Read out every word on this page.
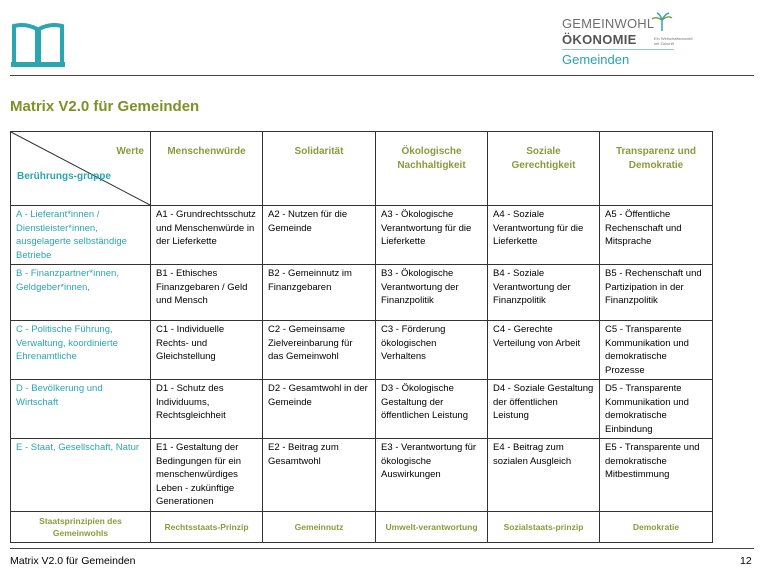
GEMEINWOHL
ÖKONOMIE	Ein Wirtschaftsmodell mit Zukunft
Gemeinden
Matrix V2.0 für Gemeinden
Werte
Berührungs-gruppe	Menschenwürde	Solidarität	Ökologische Nachhaltigkeit	Soziale Gerechtigkeit	Transparenz und Demokratie
A - Lieferant*innen / Dienstleister*innen, ausgelagerte selbständige Betriebe	A1 - Grundrechtsschutz und Menschenwürde in der Lieferkette	A2 - Nutzen für die Gemeinde	A3 - Ökologische Verantwortung für die Lieferkette	A4 - Soziale Verantwortung für die Lieferkette	A5 - Öffentliche Rechenschaft und Mitsprache
B - Finanzpartner*innen, Geldgeber*innen,	B1 - Ethisches Finanzgebaren / Geld und Mensch	B2 - Gemeinnutz im Finanzgebaren	B3 - Ökologische Verantwortung der Finanzpolitik	B4 - Soziale Verantwortung der Finanzpolitik	B5 - Rechenschaft und Partizipation in der Finanzpolitik
C - Politische Führung, Verwaltung, koordinierte Ehrenamtliche	C1 - Individuelle Rechts- und Gleichstellung	C2 - Gemeinsame Zielvereinbarung für das Gemeinwohl	C3 - Förderung ökologischen Verhaltens	C4 - Gerechte Verteilung von Arbeit	C5 - Transparente Kommunikation und demokratische Prozesse
D - Bevölkerung und Wirtschaft	D1 - Schutz des Individuums, Rechtsgleichheit	D2 - Gesamtwohl in der Gemeinde	D3 - Ökologische Gestaltung der öffentlichen Leistung	D4 - Soziale Gestaltung der öffentlichen Leistung	D5 - Transparente Kommunikation und demokratische Einbindung
E - Staat, Gesellschaft, Natur	E1 - Gestaltung der Bedingungen für ein menschenwürdiges Leben - zukünftige Generationen	E2 - Beitrag zum Gesamtwohl	E3 - Verantwortung für ökologische Auswirkungen	E4 - Beitrag zum sozialen Ausgleich	E5 - Transparente und demokratische Mitbestimmung
Staatsprinzipien des Gemeinwohls	Rechtsstaats-Prinzip	Gemeinnutz	Umwelt-verantwortung	Sozialstaats-prinzip	Demokratie
Matrix V2.0 für Gemeinden	12
